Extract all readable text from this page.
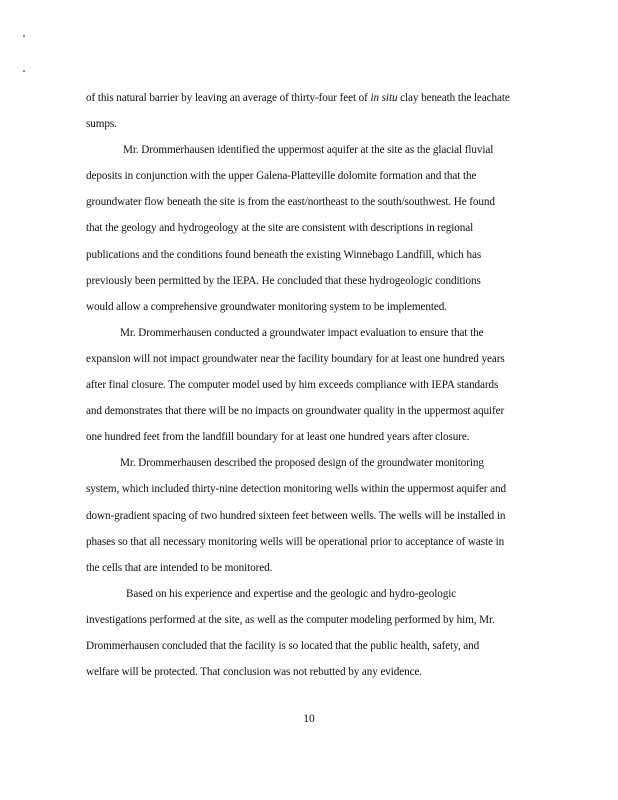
of this natural barrier by leaving an average of thirty-four feet of in situ clay beneath the leachate
sumps.

Mr. Drommerhausen identified the uppermost aquifer at the site as the glacial fluvial
deposits in conjunction with the upper Galena-Platteville dolomite formation and that the
groundwater flow beneath the site is from the east/northeast to the south/southwest. He found
that the geology and hydrogeology at the site are consistent with descriptions in regional
publications and the conditions found beneath the existing Winnebago Landfill, which has
previously been permitted by the IEPA. He concluded that these hydrogeologic conditions
would allow a comprehensive groundwater monitoring system to be implemented.

Mr. Drommerhausen conducted a groundwater impact evaluation to ensure that the
expansion will not impact groundwater near the facility boundary for at least one hundred years
after final closure. The computer model used by him exceeds compliance with IEPA standards
and demonstrates that there will be no impacts on groundwater quality in the uppermost aquifer
one hundred feet from the landfill boundary for at least one hundred years after closure.

Mr. Drommerhausen described the proposed design of the groundwater monitoring
system, which included thirty-nine detection monitoring wells within the uppermost aquifer and
down-gradient spacing of two hundred sixteen feet between wells. The wells will be installed in
phases so that all necessary monitoring wells will be operational prior to acceptance of waste in
the cells that are intended to be monitored.

Based on his experience and expertise and the geologic and hydro-geologic
investigations performed at the site, as well as the computer modeling performed by him, Mr.
Drommerhausen concluded that the facility is so located that the public health, safety, and
welfare will be protected. That conclusion was not rebutted by any evidence.

10
